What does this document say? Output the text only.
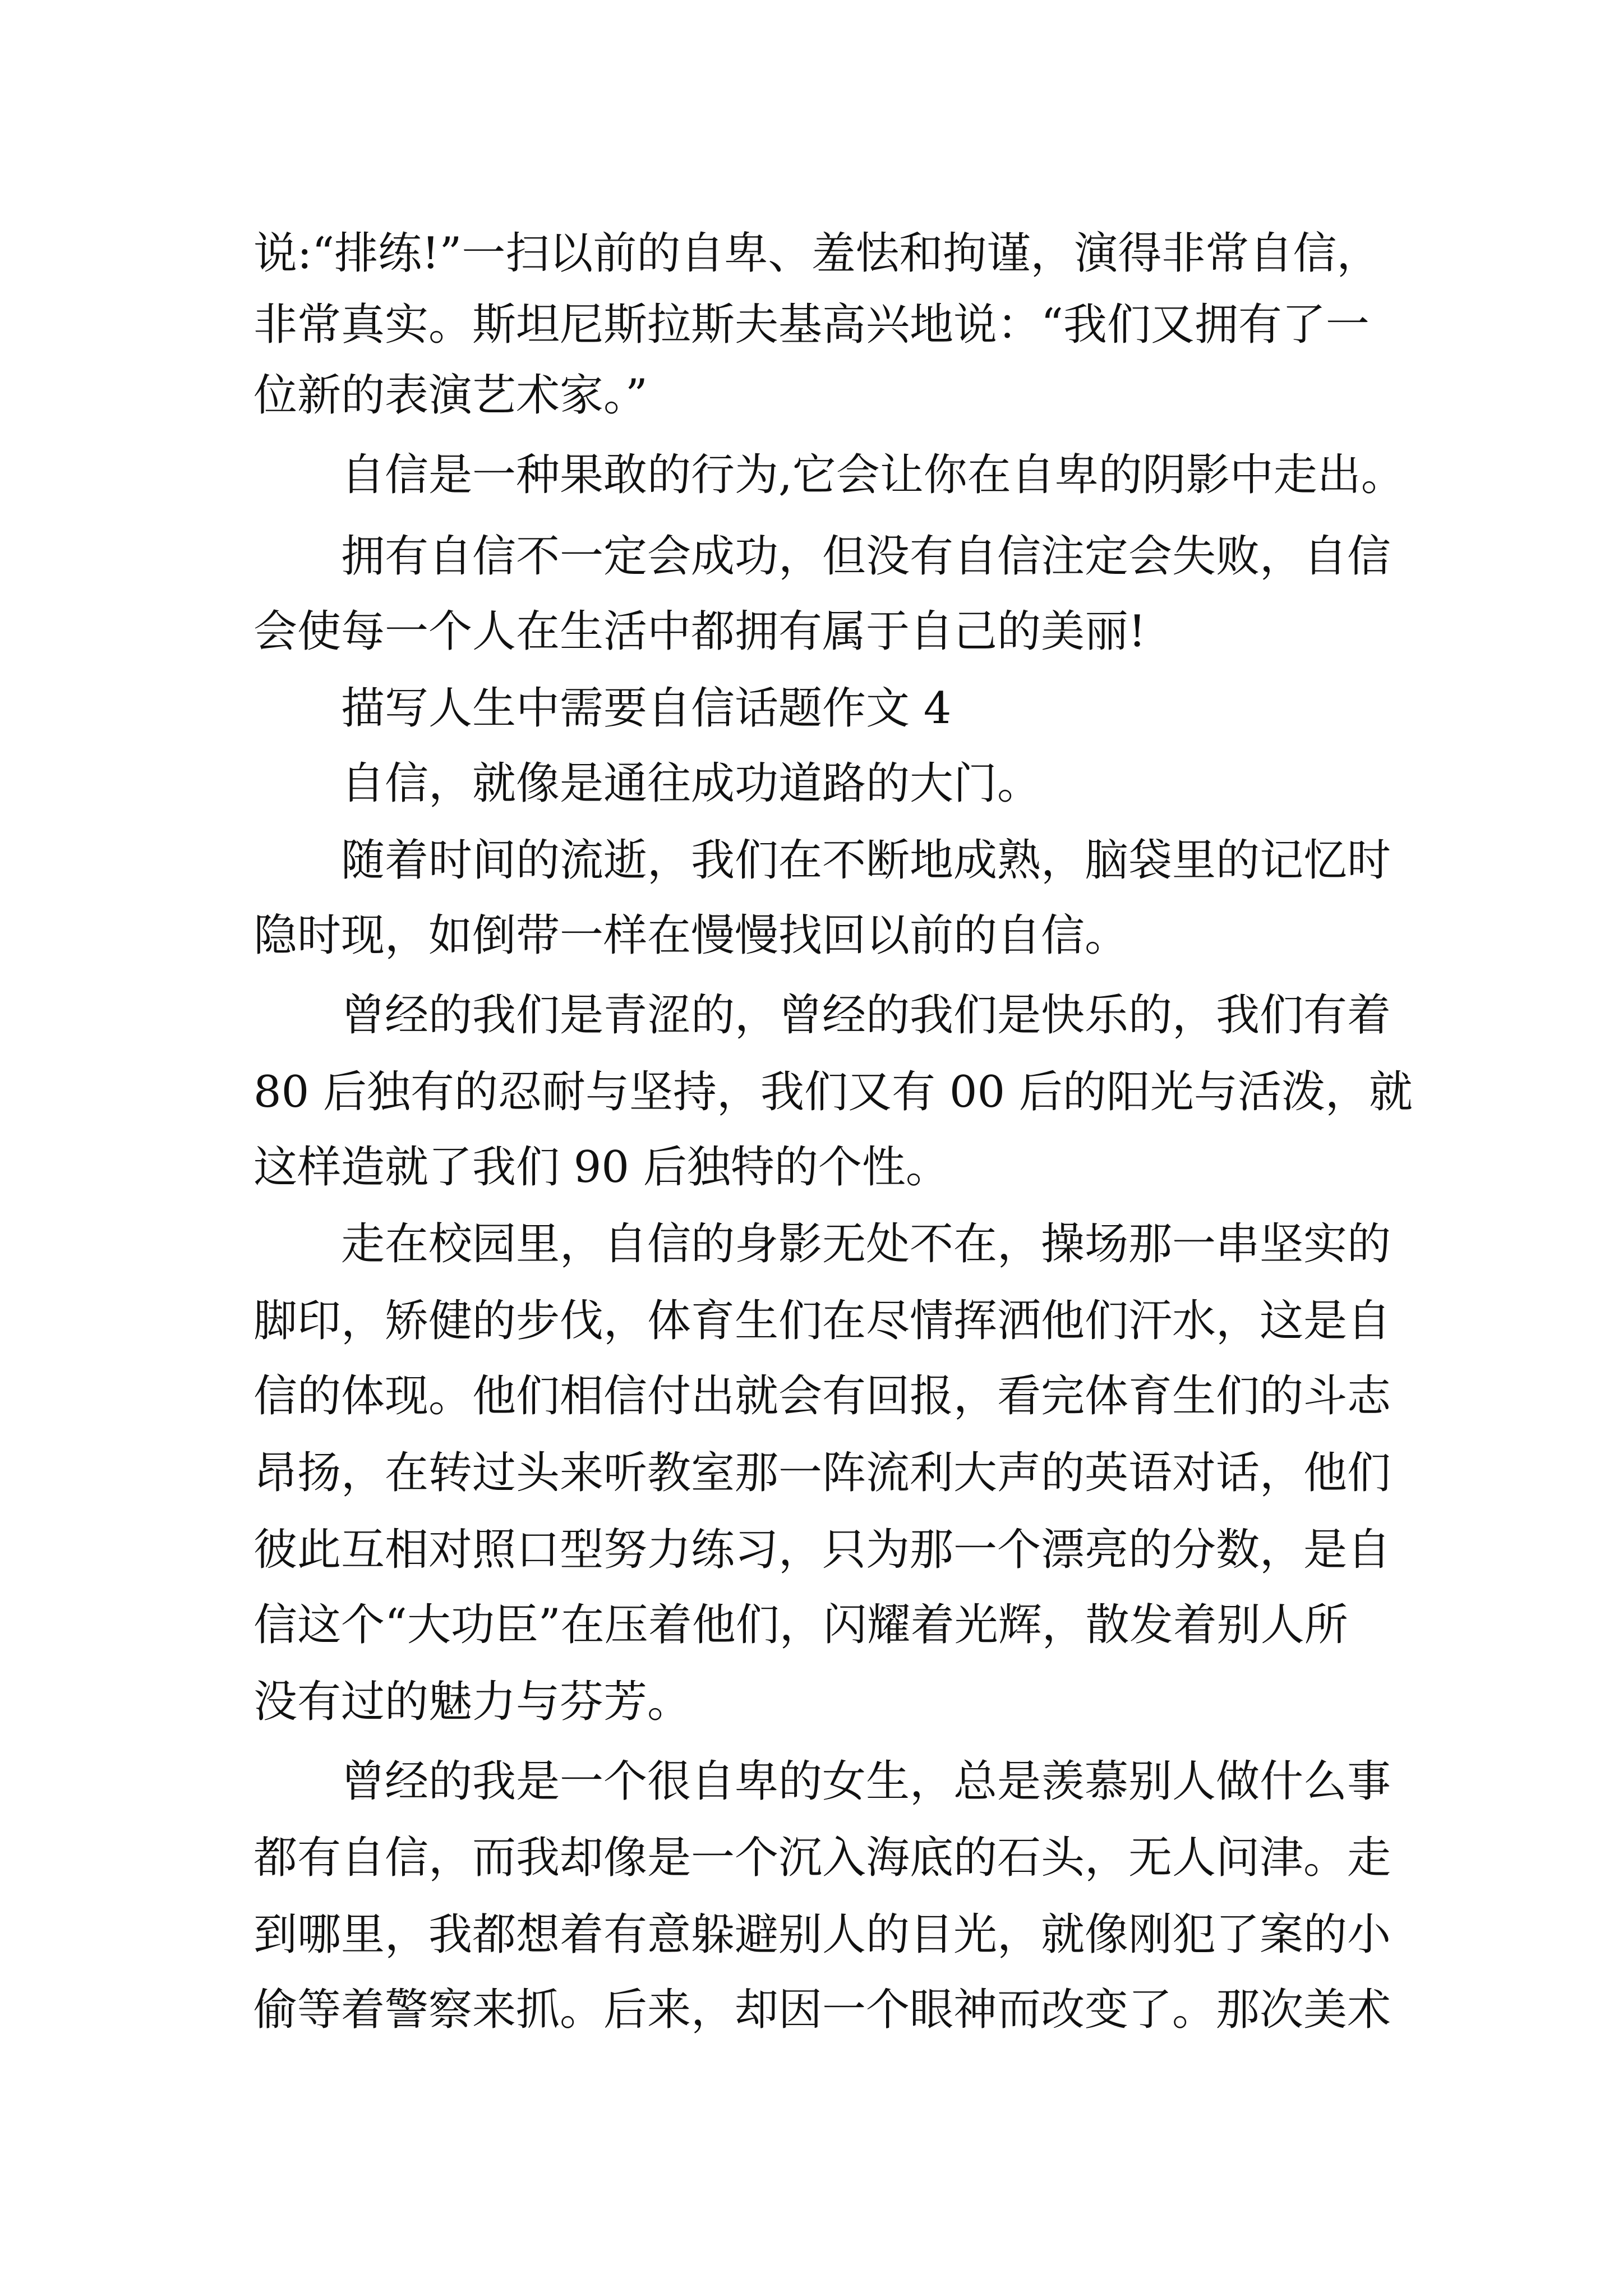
说:“排练!”一扫以前的自卑、羞怯和拘谨，演得非常自信，
非常真实。斯坦尼斯拉斯夫基高兴地说：“我们又拥有了一
位新的表演艺术家。”
自信是一种果敢的行为,它会让你在自卑的阴影中走出。
拥有自信不一定会成功，但没有自信注定会失败，自信
会使每一个人在生活中都拥有属于自己的美丽!
描写人生中需要自信话题作文 4
自信，就像是通往成功道路的大门。
随着时间的流逝，我们在不断地成熟，脑袋里的记忆时
隐时现，如倒带一样在慢慢找回以前的自信。
曾经的我们是青涩的，曾经的我们是快乐的，我们有着
80 后独有的忍耐与坚持，我们又有 00 后的阳光与活泼，就
这样造就了我们 90 后独特的个性。
走在校园里，自信的身影无处不在，操场那一串坚实的
脚印，矫健的步伐，体育生们在尽情挥洒他们汗水，这是自
信的体现。他们相信付出就会有回报，看完体育生们的斗志
昂扬，在转过头来听教室那一阵流利大声的英语对话，他们
彼此互相对照口型努力练习，只为那一个漂亮的分数，是自
信这个“大功臣”在压着他们，闪耀着光辉，散发着别人所
没有过的魅力与芬芳。
曾经的我是一个很自卑的女生，总是羡慕别人做什么事
都有自信，而我却像是一个沉入海底的石头，无人问津。走
到哪里，我都想着有意躲避别人的目光，就像刚犯了案的小
偷等着警察来抓。后来，却因一个眼神而改变了。那次美术
